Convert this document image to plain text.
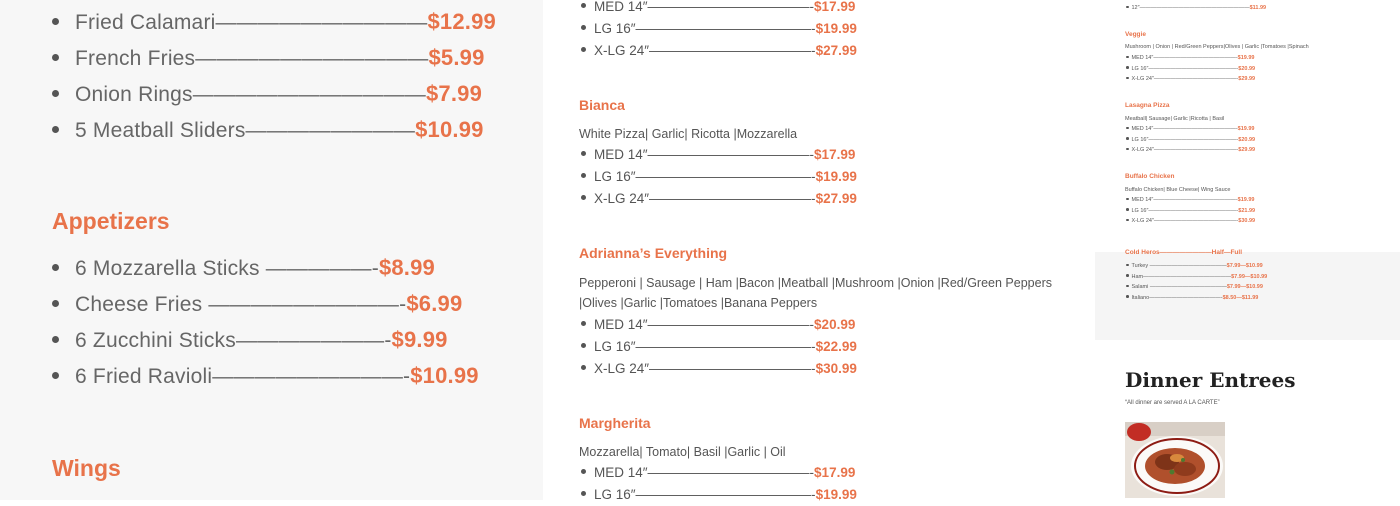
Fried Calamari——————————$12.99
French Fries———————————$5.99
Onion Rings———————————$7.99
5 Meatball Sliders————————$10.99
Appetizers
6 Mozzarella Sticks —————-$8.99
Cheese Fries —————————-$6.99
6 Zucchini Sticks———————-$9.99
6 Fried Ravioli—————————-$10.99
Wings
MED 14″————————————-$17.99
LG 16″—————————————-$19.99
X-LG 24″————————————-$27.99
Bianca
White Pizza| Garlic| Ricotta |Mozzarella
MED 14″————————————-$17.99
LG 16″—————————————-$19.99
X-LG 24″————————————-$27.99
Adrianna’s Everything
Pepperoni | Sausage | Ham |Bacon |Meatball |Mushroom |Onion |Red/Green Peppers |Olives |Garlic |Tomatoes |Banana Peppers
MED 14″————————————-$20.99
LG 16″—————————————-$22.99
X-LG 24″————————————-$30.99
Margherita
Mozzarella| Tomato| Basil |Garlic | Oil
MED 14″————————————-$17.99
LG 16″—————————————-$19.99
12″————————————————————$11.99
Veggie
Mushroom | Onion | Red/Green Peppers|Olives | Garlic |Tomatoes |Spinach
MED 14″———————————————-$19.99
LG 16″————————————————-$20.99
X-LG 24″———————————————-$29.99
Lasagna Pizza
Meatball| Sausage| Garlic |Ricotta | Basil
MED 14″———————————————-$19.99
LG 16″————————————————-$20.99
X-LG 24″———————————————-$29.99
Buffalo Chicken
Buffalo Chicken| Blue Cheese| Wing Sauce
MED 14″———————————————-$19.99
LG 16″————————————————-$21.99
X-LG 24″———————————————-$30.99
Cold Heros————————Half—Full
Turkey ——————————————$7.99—$10.99
Ham————————————————$7.99—$10.99
Salami ——————————————$7.99—$10.99
Italiano—————————————-$8.50—$11.99
Dinner Entrees
“All dinner are served A LA CARTE”
